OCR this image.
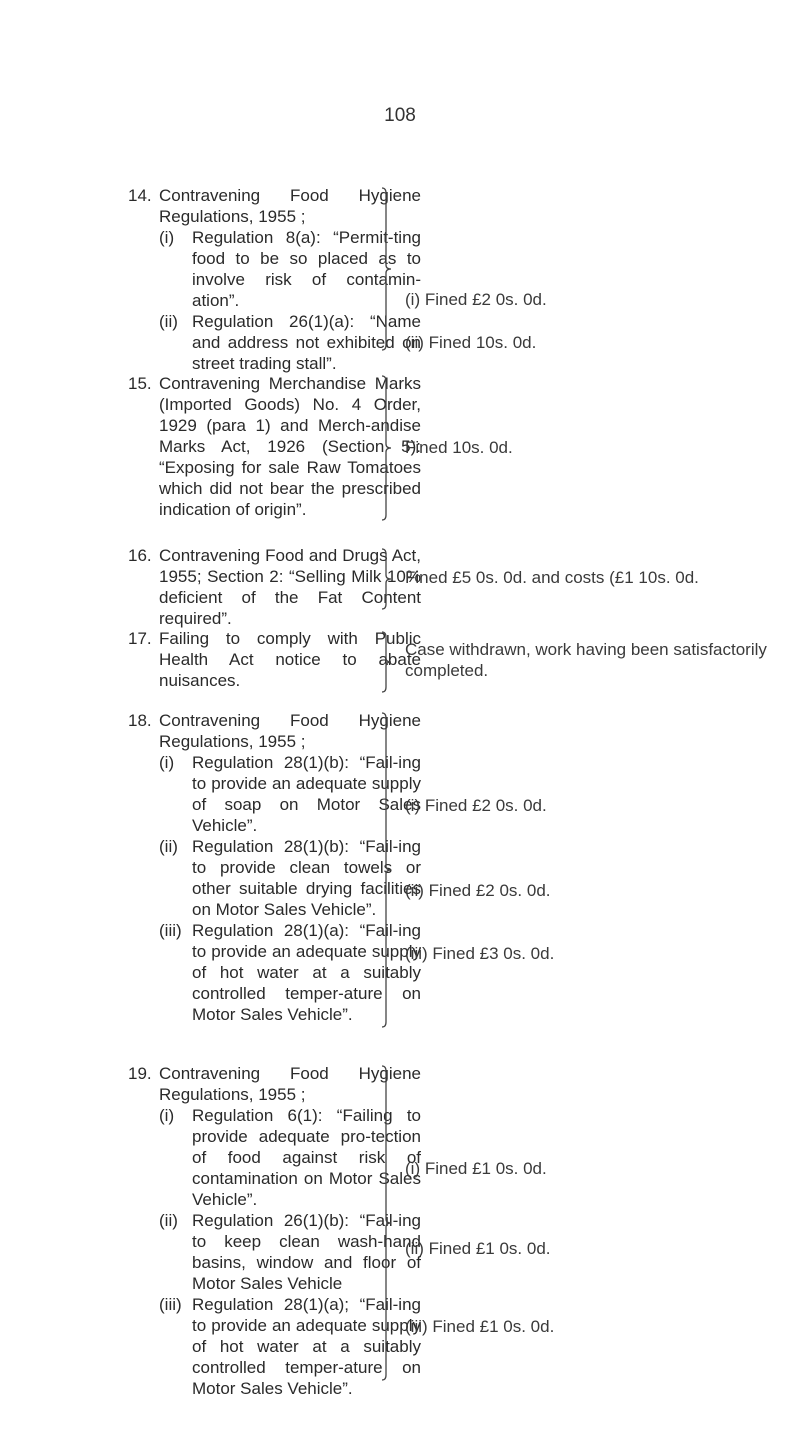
108
14. Contravening Food Hygiene Regulations, 1955 ;
(i)	Regulation 8(a): “Permit-ting food to be so placed as to involve risk of contamin-ation”.
(ii) Regulation 26(1)(a): “Name and address not exhibited on street trading stall”.
(i) Fined £2 0s. 0d.
(ii) Fined 10s. 0d.
15. Contravening Merchandise Marks (Imported Goods) No. 4 Order, 1929 (para 1) and Merch-andise Marks Act, 1926 (Section 5): “Exposing for sale Raw Tomatoes which did not bear the prescribed indication of origin”.
Fined 10s. 0d.
16. Contravening Food and Drugs Act, 1955; Section 2: “Selling Milk 10% deficient of the Fat Content required”.
Fined £5 0s. 0d. and costs (£1 10s. 0d.
17. Failing to comply with Public Health Act notice to abate nuisances.
Case withdrawn, work having been satisfactorily completed.
18. Contravening Food Hygiene Regulations, 1955 ;
(i)	Regulation 28(1)(b): “Fail-ing to provide an adequate supply of soap on Motor Sales Vehicle”.
(ii) Regulation 28(1)(b): “Fail-ing to provide clean towels or other suitable drying facilities on Motor Sales Vehicle”.
(iii) Regulation 28(1)(a): “Fail-ing to provide an adequate supply of hot water at a suitably controlled temper-ature on Motor Sales Vehicle”.
(i) Fined £2 0s. 0d.
(ii) Fined £2 0s. 0d.
(iii) Fined £3 0s. 0d.
19. Contravening Food Hygiene Regulations, 1955 ;
(i)	Regulation 6(1): “Failing to provide adequate pro-tection of food against risk of contamination on Motor Sales Vehicle”.
(ii) Regulation 26(1)(b): “Fail-ing to keep clean wash-hand basins, window and floor of Motor Sales Vehicle
(iii) Regulation 28(1)(a); “Fail-ing to provide an adequate supply of hot water at a suitably controlled temper-ature on Motor Sales Vehicle”.
(i) Fined £1 0s. 0d.
(ii) Fined £1 0s. 0d.
(iii) Fined £1 0s. 0d.
